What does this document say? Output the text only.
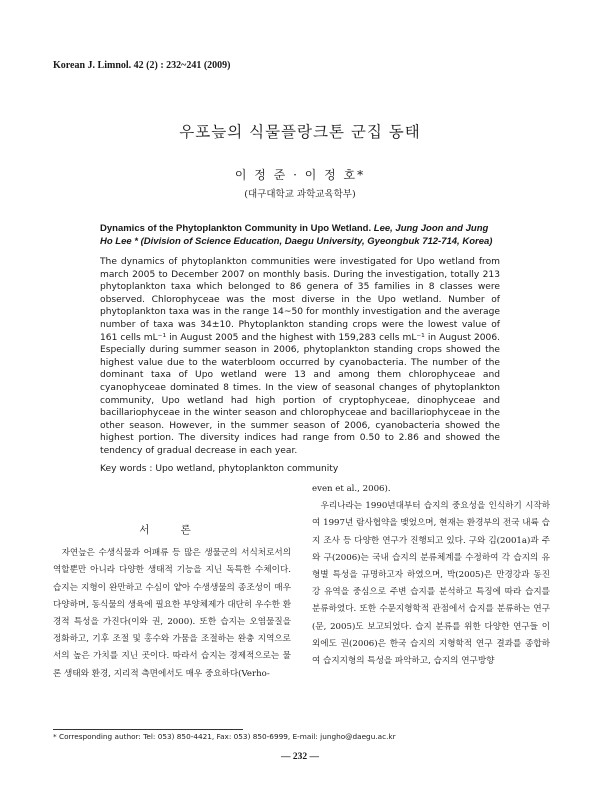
Korean J. Limnol. 42 (2) : 232~241 (2009)
우포늪의 식물플랑크톤 군집 동태
이 정 준 · 이 정 호*
(대구대학교 과학교육학부)
Dynamics of the Phytoplankton Community in Upo Wetland. Lee, Jung Joon and Jung Ho Lee * (Division of Science Education, Daegu University, Gyeongbuk 712-714, Korea)

The dynamics of phytoplankton communities were investigated for Upo wetland from march 2005 to December 2007 on monthly basis. During the investigation, totally 213 phytoplankton taxa which belonged to 86 genera of 35 families in 8 classes were observed. Chlorophyceae was the most diverse in the Upo wetland. Number of phytoplankton taxa was in the range 14~50 for monthly investigation and the average number of taxa was 34±10. Phytoplankton standing crops were the lowest value of 161 cells mL⁻¹ in August 2005 and the highest with 159,283 cells mL⁻¹ in August 2006. Especially during summer season in 2006, phytoplankton standing crops showed the highest value due to the waterbloom occurred by cyanobacteria. The number of the dominant taxa of Upo wetland were 13 and among them chlorophyceae and cyanophyceae dominated 8 times. In the view of seasonal changes of phytoplankton community, Upo wetland had high portion of cryptophyceae, dinophyceae and bacillariophyceae in the winter season and chlorophyceae and bacillariophyceae in the other season. However, in the summer season of 2006, cyanobacteria showed the highest portion. The diversity indices had range from 0.50 to 2.86 and showed the tendency of gradual decrease in each year.

Key words : Upo wetland, phytoplankton community
서 론

자연늪은 수생식물과 어패류 등 많은 생물군의 서식처로서의 역할뿐만 아니라 다양한 생태적 기능을 지닌 독특한 수체이다. 습지는 지형이 완만하고 수심이 얕아 수생생물의 종조성이 매우 다양하며, 동식물의 생육에 필요한 부양체제가 대단히 우수한 환경적 특성을 가진다(이와 권, 2000). 또한 습지는 오염물질을 정화하고, 기후 조절 및 홍수와 가뭄을 조절하는 완충 지역으로서의 높은 가치를 지닌 곳이다. 따라서 습지는 경제적으로는 물론 생태와 환경, 지리적 측면에서도 매우 중요하다(Verho-

even et al., 2006).

우리나라는 1990년대부터 습지의 중요성을 인식하기 시작하여 1997년 람사협약을 맺었으며, 현재는 환경부의 전국 내륙 습지 조사 등 다양한 연구가 진행되고 있다. 구와 김(2001a)과 주와 구(2006)는 국내 습지의 분류체계를 수정하여 각 습지의 유형별 특성을 규명하고자 하였으며, 박(2005)은 만경강과 동진강 유역을 중심으로 주변 습지를 분석하고 특징에 따라 습지를 분류하였다. 또한 수문지형학적 관점에서 습지를 분류하는 연구(문, 2005)도 보고되었다. 습지 분류를 위한 다양한 연구들 이외에도 권(2006)은 한국 습지의 지형학적 연구 결과를 종합하여 습지지형의 특성을 파악하고, 습지의 연구방향

* Corresponding author: Tel: 053) 850-4421, Fax: 053) 850-6999, E-mail: jungho@daegu.ac.kr
— 232 —
